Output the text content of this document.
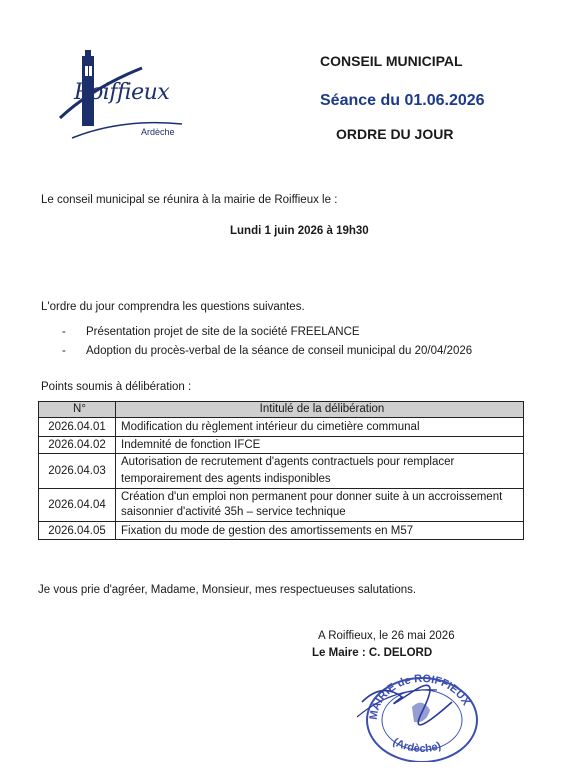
Roiffieux
Ardèche
CONSEIL MUNICIPAL
Séance du 01.06.2026
ORDRE DU JOUR
Le conseil municipal se réunira à la mairie de Roiffieux le :
Lundi 1 juin 2026 à 19h30
L'ordre du jour comprendra les questions suivantes.
- Présentation projet de site de la société FREELANCE
- Adoption du procès-verbal de la séance de conseil municipal du 20/04/2026
Points soumis à délibération :
N°	Intitulé de la délibération
2026.04.01	Modification du règlement intérieur du cimetière communal
2026.04.02	Indemnité de fonction IFCE
2026.04.03	Autorisation de recrutement d'agents contractuels pour remplacer temporairement des agents indisponibles
2026.04.04	Création d'un emploi non permanent pour donner suite à un accroissement saisonnier d'activité 35h – service technique
2026.04.05	Fixation du mode de gestion des amortissements en M57
Je vous prie d'agréer, Madame, Monsieur, mes respectueuses salutations.
A Roiffieux, le 26 mai 2026
Le Maire : C. DELORD
MAIRIE de ROIFFIEUX
(Ardèche)
